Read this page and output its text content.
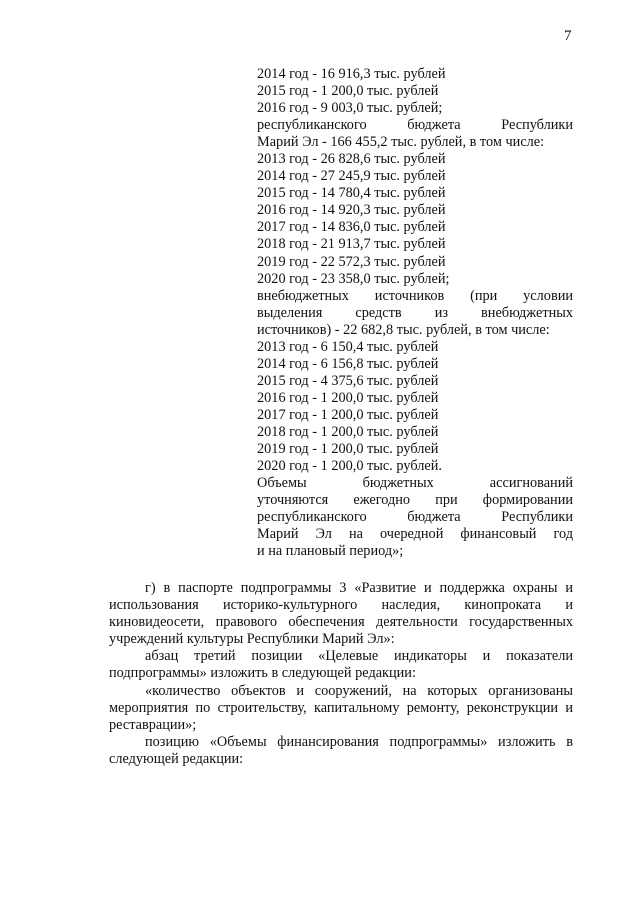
7
2014 год - 16 916,3 тыс. рублей
2015 год - 1 200,0 тыс. рублей
2016 год - 9 003,0 тыс. рублей;
республиканского бюджета Республики
Марий Эл - 166 455,2 тыс. рублей, в том числе:
2013 год - 26 828,6 тыс. рублей
2014 год - 27 245,9 тыс. рублей
2015 год - 14 780,4 тыс. рублей
2016 год - 14 920,3 тыс. рублей
2017 год - 14 836,0 тыс. рублей
2018 год - 21 913,7 тыс. рублей
2019 год - 22 572,3 тыс. рублей
2020 год - 23 358,0 тыс. рублей;
внебюджетных источников (при условии
выделения средств из внебюджетных
источников) - 22 682,8 тыс. рублей, в том числе:
2013 год - 6 150,4 тыс. рублей
2014 год - 6 156,8 тыс. рублей
2015 год - 4 375,6 тыс. рублей
2016 год - 1 200,0 тыс. рублей
2017 год - 1 200,0 тыс. рублей
2018 год - 1 200,0 тыс. рублей
2019 год - 1 200,0 тыс. рублей
2020 год - 1 200,0 тыс. рублей.
Объемы бюджетных ассигнований
уточняются ежегодно при формировании
республиканского бюджета Республики
Марий Эл на очередной финансовый год
и на плановый период»;

г) в паспорте подпрограммы 3 «Развитие и поддержка охраны и использования историко-культурного наследия, кинопроката и киновидеосети, правового обеспечения деятельности государственных учреждений культуры Республики Марий Эл»:

абзац третий позиции «Целевые индикаторы и показатели подпрограммы» изложить в следующей редакции:

«количество объектов и сооружений, на которых организованы мероприятия по строительству, капитальному ремонту, реконструкции и реставрации»;

позицию «Объемы финансирования подпрограммы» изложить в следующей редакции:
